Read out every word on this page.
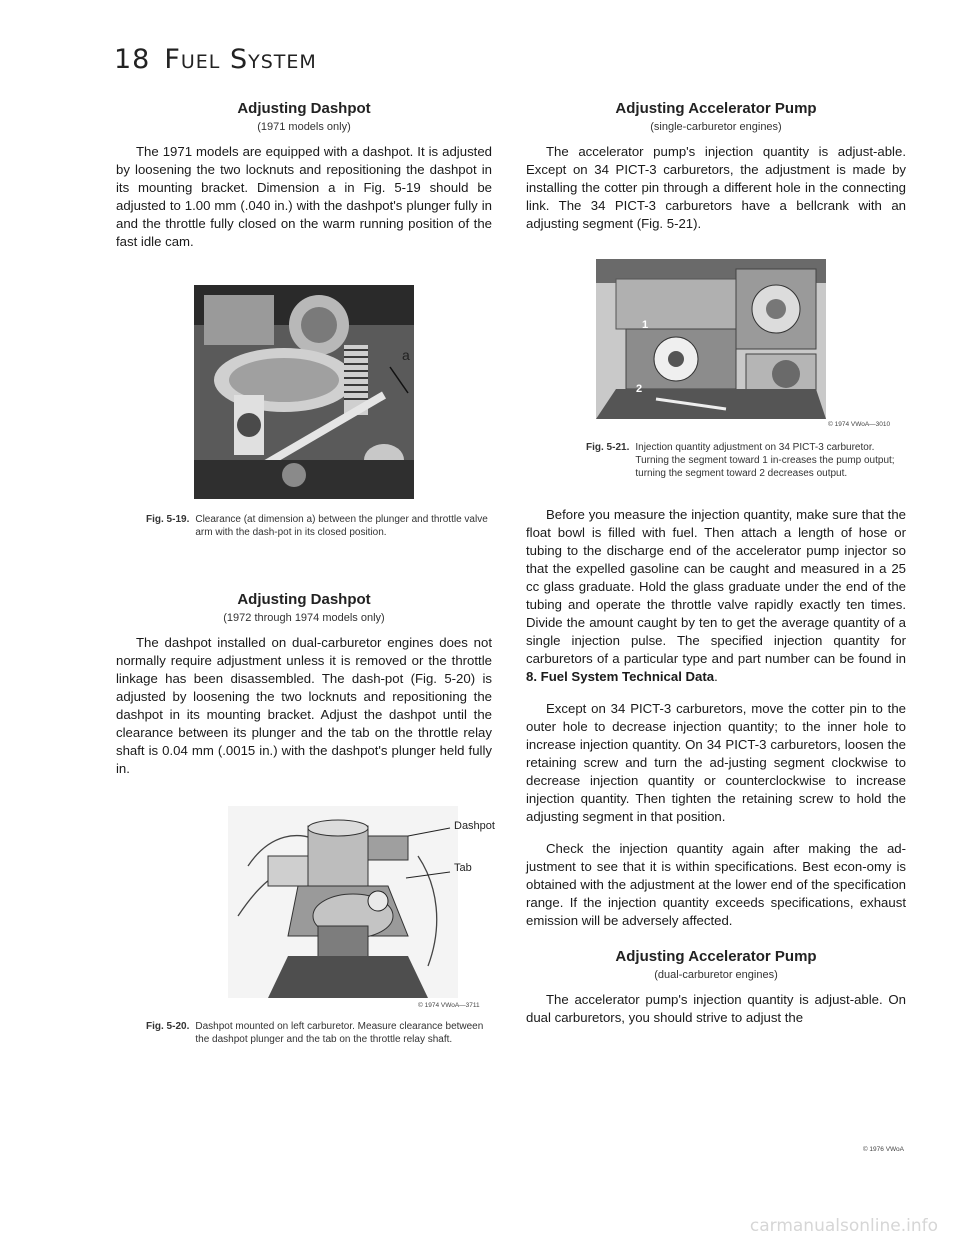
18 Fuel System
Adjusting Dashpot
(1971 models only)

The 1971 models are equipped with a dashpot. It is adjusted by loosening the two locknuts and repositioning the dashpot in its mounting bracket. Dimension a in Fig. 5-19 should be adjusted to 1.00 mm (.040 in.) with the dashpot's plunger fully in and the throttle fully closed on the warm running position of the fast idle cam.

a
Fig. 5-19. Clearance (at dimension a) between the plunger and throttle valve arm with the dash-pot in its closed position.
Adjusting Dashpot
(1972 through 1974 models only)

The dashpot installed on dual-carburetor engines does not normally require adjustment unless it is removed or the throttle linkage has been disassembled. The dash-pot (Fig. 5-20) is adjusted by loosening the two locknuts and repositioning the dashpot in its mounting bracket. Adjust the dashpot until the clearance between its plunger and the tab on the throttle relay shaft is 0.04 mm (.0015 in.) with the dashpot's plunger held fully in.

Dashpot
Tab
© 1974 VWoA—3711
Fig. 5-20. Dashpot mounted on left carburetor. Measure clearance between the dashpot plunger and the tab on the throttle relay shaft.
Adjusting Accelerator Pump
(single-carburetor engines)

The accelerator pump's injection quantity is adjust-able. Except on 34 PICT-3 carburetors, the adjustment is made by installing the cotter pin through a different hole in the connecting link. The 34 PICT-3 carburetors have a bellcrank with an adjusting segment (Fig. 5-21).

1
2
© 1974 VWoA—3010
Fig. 5-21. Injection quantity adjustment on 34 PICT-3 carburetor. Turning the segment toward 1 in-creases the pump output; turning the segment toward 2 decreases output.

Before you measure the injection quantity, make sure that the float bowl is filled with fuel. Then attach a length of hose or tubing to the discharge end of the accelerator pump injector so that the expelled gasoline can be caught and measured in a 25 cc glass graduate. Hold the glass graduate under the end of the tubing and operate the throttle valve rapidly exactly ten times. Divide the amount caught by ten to get the average quantity of a single injection pulse. The specified injection quantity for carburetors of a particular type and part number can be found in 8. Fuel System Technical Data.

Except on 34 PICT-3 carburetors, move the cotter pin to the outer hole to decrease injection quantity; to the inner hole to increase injection quantity. On 34 PICT-3 carburetors, loosen the retaining screw and turn the ad-justing segment clockwise to decrease injection quantity or counterclockwise to increase injection quantity. Then tighten the retaining screw to hold the adjusting segment in that position.

Check the injection quantity again after making the ad-justment to see that it is within specifications. Best econ-omy is obtained with the adjustment at the lower end of the specification range. If the injection quantity exceeds specifications, exhaust emission will be adversely affected.

Adjusting Accelerator Pump
(dual-carburetor engines)

The accelerator pump's injection quantity is adjust-able. On dual carburetors, you should strive to adjust the

© 1976 VWoA
carmanualsonline.info
